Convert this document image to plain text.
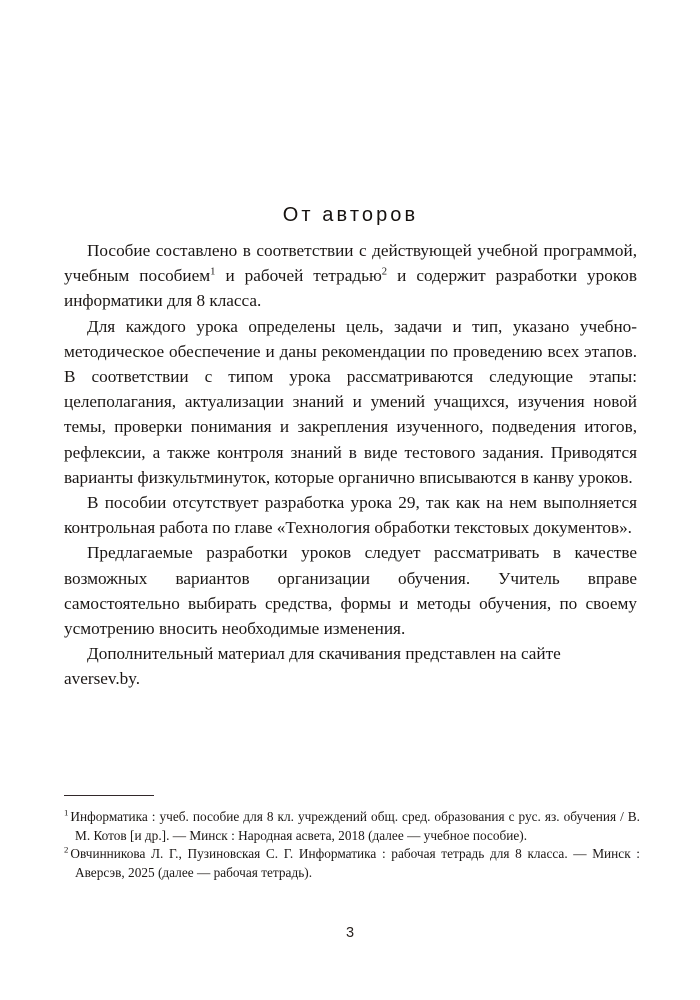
От авторов

Пособие составлено в соответствии с действующей учебной программой, учебным пособием$^1$ и рабочей тетрадью$^2$ и содержит разработки уроков информатики для 8 класса.

Для каждого урока определены цель, задачи и тип, указано учебно-методическое обеспечение и даны рекомендации по проведению всех этапов. В соответствии с типом урока рассматриваются следующие этапы: целеполагания, актуализации знаний и умений учащихся, изучения новой темы, проверки понимания и закрепления изученного, подведения итогов, рефлексии, а также контроля знаний в виде тестового задания. Приводятся варианты физкультминуток, которые органично вписываются в канву уроков.

В пособии отсутствует разработка урока 29, так как на нем выполняется контрольная работа по главе «Технология обработки текстовых документов».

Предлагаемые разработки уроков следует рассматривать в качестве возможных вариантов организации обучения. Учитель вправе самостоятельно выбирать средства, формы и методы обучения, по своему усмотрению вносить необходимые изменения.

Дополнительный материал для скачивания представлен на сайте aversev.by.

$^1$ Информатика : учеб. пособие для 8 кл. учреждений общ. сред. образования с рус. яз. обучения / В. М. Котов [и др.]. — Минск : Народная асвета, 2018 (далее — учебное пособие).

$^2$ Овчинникова Л. Г., Пузиновская С. Г. Информатика : рабочая тетрадь для 8 класса. — Минск : Аверсэв, 2025 (далее — рабочая тетрадь).

3
